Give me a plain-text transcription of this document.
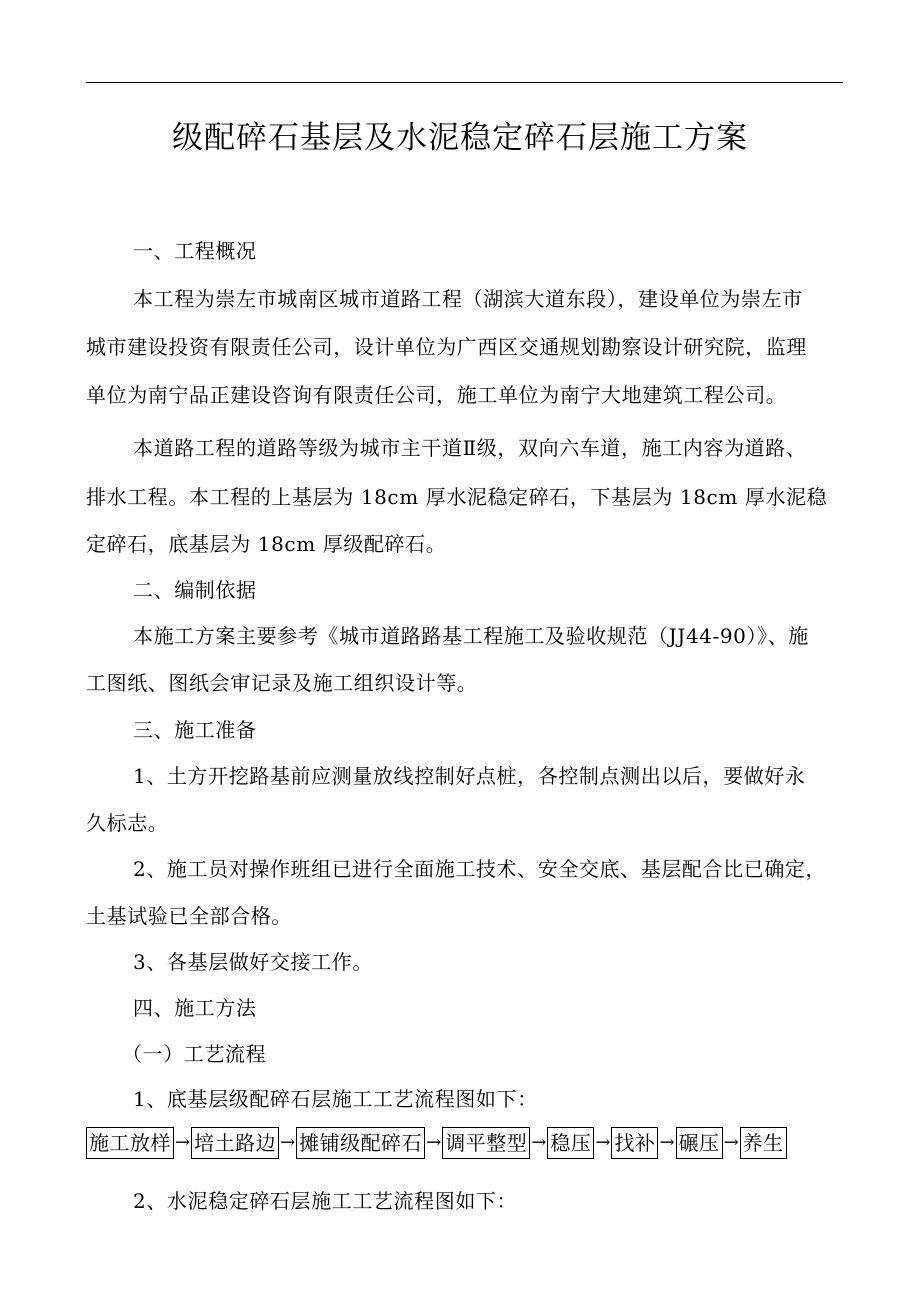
级配碎石基层及水泥稳定碎石层施工方案
一、工程概况
本工程为崇左市城南区城市道路工程（湖滨大道东段），建设单位为崇左市
城市建设投资有限责任公司，设计单位为广西区交通规划勘察设计研究院，监理
单位为南宁品正建设咨询有限责任公司，施工单位为南宁大地建筑工程公司。
本道路工程的道路等级为城市主干道Ⅱ级，双向六车道，施工内容为道路、
排水工程。本工程的上基层为 18cm 厚水泥稳定碎石，下基层为 18cm 厚水泥稳
定碎石，底基层为 18cm 厚级配碎石。
二、编制依据
本施工方案主要参考《城市道路路基工程施工及验收规范（JJ44-90）》、施
工图纸、图纸会审记录及施工组织设计等。
三、施工准备
1、土方开挖路基前应测量放线控制好点桩，各控制点测出以后，要做好永
久标志。
2、施工员对操作班组已进行全面施工技术、安全交底、基层配合比已确定，
土基试验已全部合格。
3、各基层做好交接工作。
四、施工方法
（一）工艺流程
1、底基层级配碎石层施工工艺流程图如下：
施工放样 → 培土路边 → 摊铺级配碎石 → 调平整型 → 稳压 → 找补 → 碾压 → 养生
2、水泥稳定碎石层施工工艺流程图如下：
